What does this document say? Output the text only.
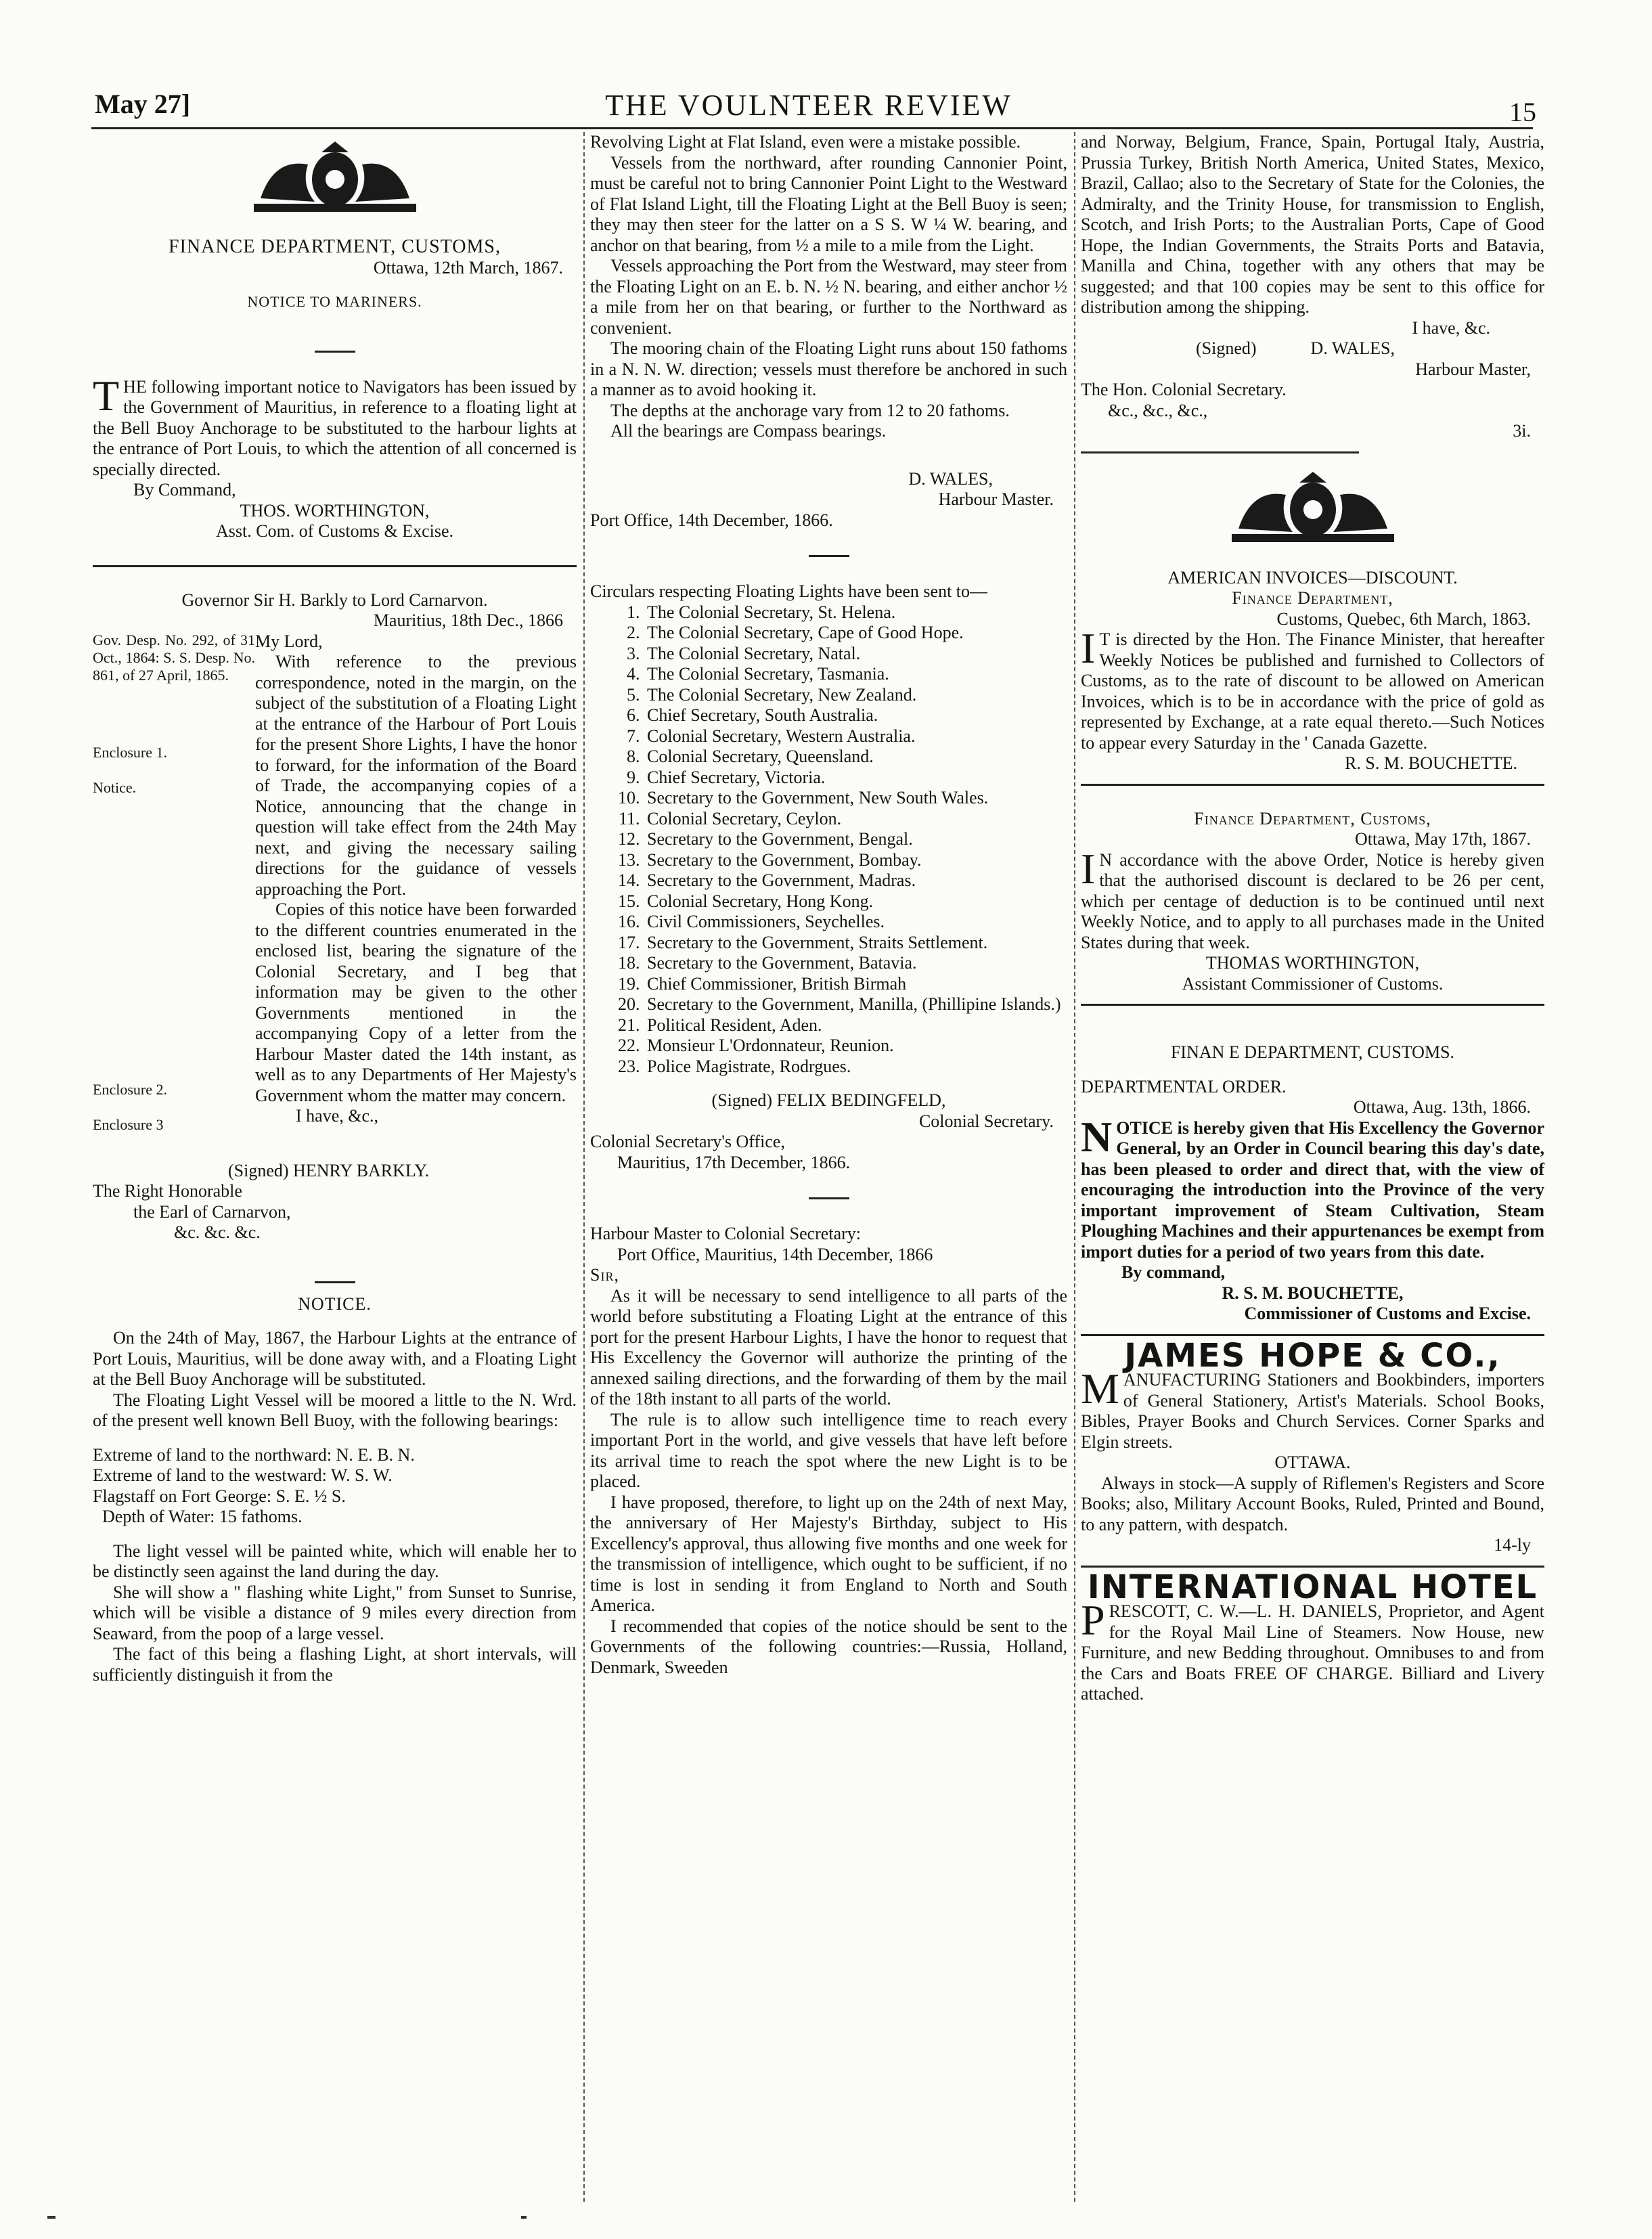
May 27]	THE VOULNTEER REVIEW	15

FINANCE DEPARTMENT, CUSTOMS,

Ottawa, 12th March, 1867.

NOTICE TO MARINERS.

THE following important notice to Navigators has been issued by the Government of Mauritius, in reference to a floating light at the Bell Buoy Anchorage to be substituted to the harbour lights at the entrance of Port Louis, to which the attention of all concerned is specially directed.

By Command,

THOS. WORTHINGTON,

Asst. Com. of Customs & Excise.

Governor Sir H. Barkly to Lord Carnarvon.

Mauritius, 18th Dec., 1866

Gov. Desp. No. 292, of 31 Oct., 1864: S. S. Desp. No. 861, of 27 April, 1865.

Enclosure 1.

Notice.

Enclosure 2.

Enclosure 3

My Lord,

With reference to the previous correspondence, noted in the margin, on the subject of the substitution of a Floating Light at the entrance of the Harbour of Port Louis for the present Shore Lights, I have the honor to forward, for the information of the Board of Trade, the accompanying copies of a Notice, announcing that the change in question will take effect from the 24th May next, and giving the necessary sailing directions for the guidance of vessels approaching the Port.

Copies of this notice have been forwarded to the different countries enumerated in the enclosed list, bearing the signature of the Colonial Secretary, and I beg that information may be given to the other Governments mentioned in the accompanying Copy of a letter from the Harbour Master dated the 14th instant, as well as to any Departments of Her Majesty's Government whom the matter may concern.

I have, &c.,

(Signed) HENRY BARKLY.

The Right Honorable

the Earl of Carnarvon,

&c. &c. &c.

NOTICE.

On the 24th of May, 1867, the Harbour Lights at the entrance of Port Louis, Mauritius, will be done away with, and a Floating Light at the Bell Buoy Anchorage will be substituted.

The Floating Light Vessel will be moored a little to the N. Wrd. of the present well known Bell Buoy, with the following bearings:

Extreme of land to the northward: N. E. B. N.

Extreme of land to the westward: W. S. W.

Flagstaff on Fort George: S. E. ½ S.

Depth of Water: 15 fathoms.

The light vessel will be painted white, which will enable her to be distinctly seen against the land during the day.

She will show a " flashing white Light," from Sunset to Sunrise, which will be visible a distance of 9 miles every direction from Seaward, from the poop of a large vessel.

The fact of this being a flashing Light, at short intervals, will sufficiently distinguish it from the

Revolving Light at Flat Island, even were a mistake possible.

Vessels from the northward, after rounding Cannonier Point, must be careful not to bring Cannonier Point Light to the Westward of Flat Island Light, till the Floating Light at the Bell Buoy is seen; they may then steer for the latter on a S S. W ¼ W. bearing, and anchor on that bearing, from ½ a mile to a mile from the Light.

Vessels approaching the Port from the Westward, may steer from the Floating Light on an E. b. N. ½ N. bearing, and either anchor ½ a mile from her on that bearing, or further to the Northward as convenient.

The mooring chain of the Floating Light runs about 150 fathoms in a N. N. W. direction; vessels must therefore be anchored in such a manner as to avoid hooking it.

The depths at the anchorage vary from 12 to 20 fathoms.

All the bearings are Compass bearings.

D. WALES,

Harbour Master.

Port Office, 14th December, 1866.

Circulars respecting Floating Lights have been sent to—

1. The Colonial Secretary, St. Helena.
2. The Colonial Secretary, Cape of Good Hope.
3. The Colonial Secretary, Natal.
4. The Colonial Secretary, Tasmania.
5. The Colonial Secretary, New Zealand.
6. Chief Secretary, South Australia.
7. Colonial Secretary, Western Australia.
8. Colonial Secretary, Queensland.
9. Chief Secretary, Victoria.
10. Secretary to the Government, New South Wales.
11. Colonial Secretary, Ceylon.
12. Secretary to the Government, Bengal.
13. Secretary to the Government, Bombay.
14. Secretary to the Government, Madras.
15. Colonial Secretary, Hong Kong.
16. Civil Commissioners, Seychelles.
17. Secretary to the Government, Straits Settlement.
18. Secretary to the Government, Batavia.
19. Chief Commissioner, British Birmah
20. Secretary to the Government, Manilla, (Phillipine Islands.)
21. Political Resident, Aden.
22. Monsieur L'Ordonnateur, Reunion.
23. Police Magistrate, Rodrgues.

(Signed) FELIX BEDINGFELD,

Colonial Secretary.

Colonial Secretary's Office,

Mauritius, 17th December, 1866.

Harbour Master to Colonial Secretary:

Port Office, Mauritius, 14th December, 1866

Sir,

As it will be necessary to send intelligence to all parts of the world before substituting a Floating Light at the entrance of this port for the present Harbour Lights, I have the honor to request that His Excellency the Governor will authorize the printing of the annexed sailing directions, and the forwarding of them by the mail of the 18th instant to all parts of the world.

The rule is to allow such intelligence time to reach every important Port in the world, and give vessels that have left before its arrival time to reach the spot where the new Light is to be placed.

I have proposed, therefore, to light up on the 24th of next May, the anniversary of Her Majesty's Birthday, subject to His Excellency's approval, thus allowing five months and one week for the transmission of intelligence, which ought to be sufficient, if no time is lost in sending it from England to North and South America.

I recommended that copies of the notice should be sent to the Governments of the following countries:—Russia, Holland, Denmark, Sweeden

and Norway, Belgium, France, Spain, Portugal Italy, Austria, Prussia Turkey, British North America, United States, Mexico, Brazil, Callao; also to the Secretary of State for the Colonies, the Admiralty, and the Trinity House, for transmission to English, Scotch, and Irish Ports; to the Australian Ports, Cape of Good Hope, the Indian Governments, the Straits Ports and Batavia, Manilla and China, together with any others that may be suggested; and that 100 copies may be sent to this office for distribution among the shipping.

I have, &c.

(Signed)	D. WALES,

Harbour Master,

The Hon. Colonial Secretary.

&c., &c., &c.,

3i.

AMERICAN INVOICES—DISCOUNT.

Finance Department,

Customs, Quebec, 6th March, 1863.

IT is directed by the Hon. The Finance Minister, that hereafter Weekly Notices be published and furnished to Collectors of Customs, as to the rate of discount to be allowed on American Invoices, which is to be in accordance with the price of gold as represented by Exchange, at a rate equal thereto.—Such Notices to appear every Saturday in the ' Canada Gazette.

R. S. M. BOUCHETTE.

Finance Department, Customs,

Ottawa, May 17th, 1867.

IN accordance with the above Order, Notice is hereby given that the authorised discount is declared to be 26 per cent, which per centage of deduction is to be continued until next Weekly Notice, and to apply to all purchases made in the United States during that week.

THOMAS WORTHINGTON,

Assistant Commissioner of Customs.

FINAN E DEPARTMENT, CUSTOMS.

DEPARTMENTAL ORDER.

Ottawa, Aug. 13th, 1866.

NOTICE is hereby given that His Excellency the Governor General, by an Order in Council bearing this day's date, has been pleased to order and direct that, with the view of encouraging the introduction into the Province of the very important improvement of Steam Cultivation, Steam Ploughing Machines and their appurtenances be exempt from import duties for a period of two years from this date.

By command,

R. S. M. BOUCHETTE,

Commissioner of Customs and Excise.

JAMES HOPE & CO.,

MANUFACTURING Stationers and Bookbinders, importers of General Stationery, Artist's Materials. School Books, Bibles, Prayer Books and Church Services. Corner Sparks and Elgin streets.

OTTAWA.

Always in stock—A supply of Riflemen's Registers and Score Books; also, Military Account Books, Ruled, Printed and Bound, to any pattern, with despatch.

14-ly

INTERNATIONAL HOTEL

PRESCOTT, C. W.—L. H. DANIELS, Proprietor, and Agent for the Royal Mail Line of Steamers. Now House, new Furniture, and new Bedding throughout. Omnibuses to and from the Cars and Boats FREE OF CHARGE. Billiard and Livery attached.
